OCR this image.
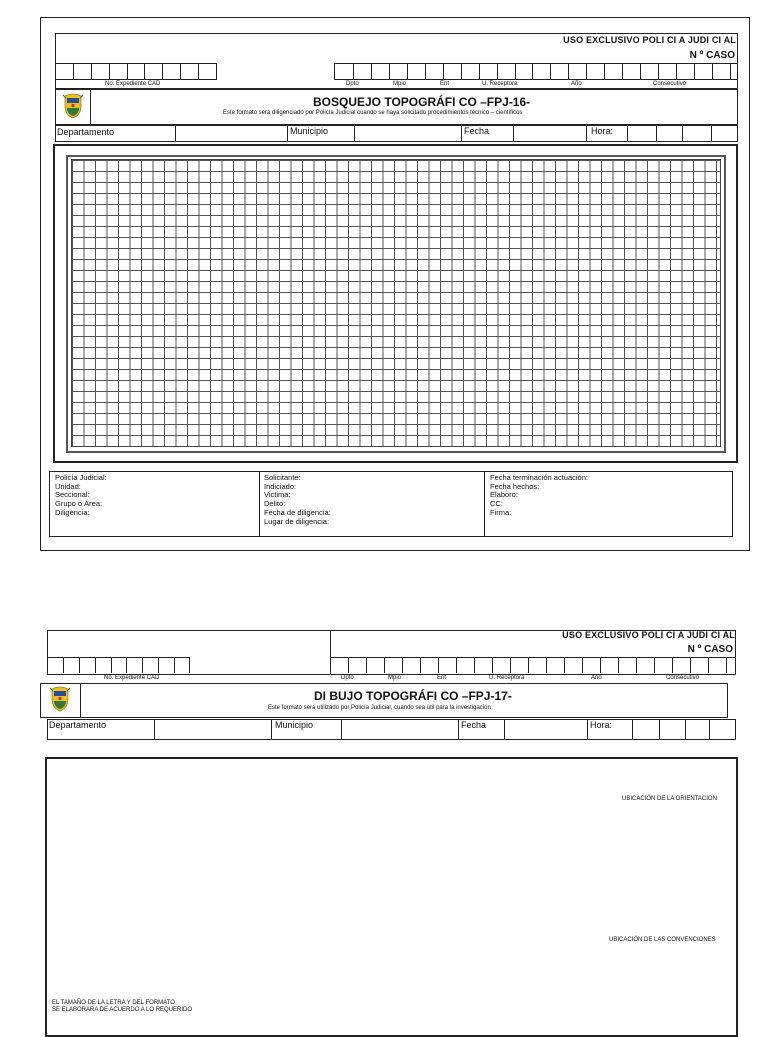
USO EXCLUSIVO POLI CI A JUDI CI AL
N º CASO
No. Expediente CAD	Dpto	Mpio	Ent	U. Receptora	Año	Consecutivo
BOSQUEJO TOPOGRÁFI CO –FPJ-16-
Este formato será diligenciado por Policía Judicial cuando se haya solicitado procedimientos técnico – científicos
Departamento	Municipio	Fecha	Hora:
Policía Judicial:
Unidad:
Seccional:
Grupo o Área:
Diligencia:
Solicitante:
Indiciado:
Victima:
Delito:
Fecha de diligencia:
Lugar de diligencia:
Fecha terminación actuación:
Fecha hechos:
Elaboro:
CC:
Firma:
USO EXCLUSIVO POLI CI A JUDI CI AL
N º CASO
No. Expediente CAD	Dpto	Mpio	Ent	U. Receptora	Año	Consecutivo
DI BUJO TOPOGRÁFI CO –FPJ-17-
Este formato será utilizado por Policía Judicial, cuando sea útil para la investigación
Departamento	Municipio	Fecha	Hora:
UBICACIÓN DE LA ORIENTACION
UBICACIÓN DE LAS CONVENCIONES
EL TAMAÑO DE LA LETRA Y DEL FORMATO
SE ELABORARA DE ACUERDO A LO REQUERIDO
